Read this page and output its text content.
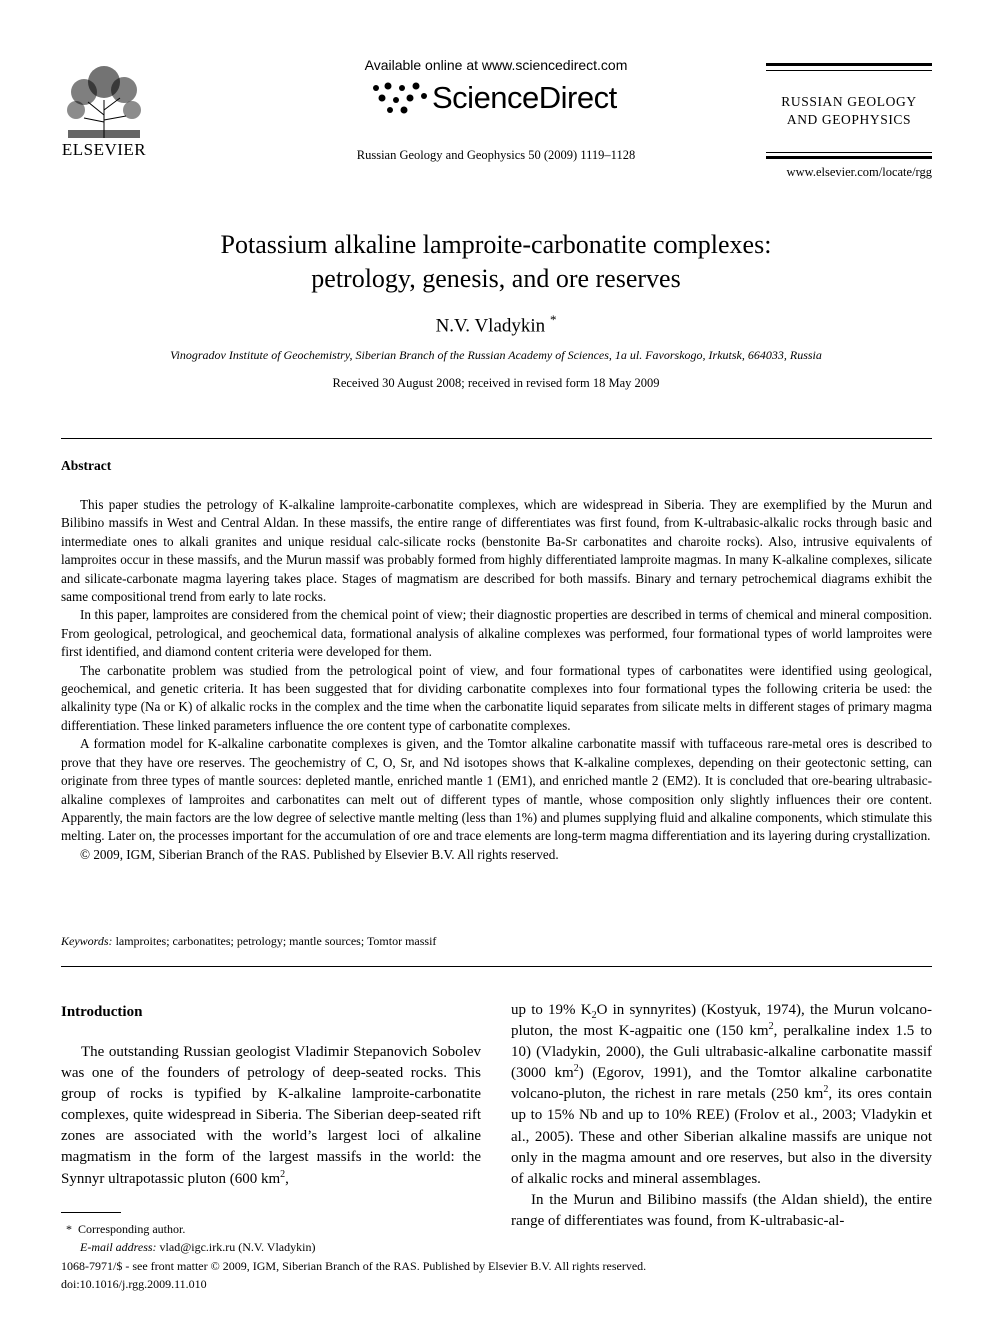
ELSEVIER
Available online at www.sciencedirect.com
ScienceDirect
Russian Geology and Geophysics 50 (2009) 1119–1128
RUSSIAN GEOLOGY
AND GEOPHYSICS
www.elsevier.com/locate/rgg
Potassium alkaline lamproite-carbonatite complexes:
petrology, genesis, and ore reserves
N.V. Vladykin *
Vinogradov Institute of Geochemistry, Siberian Branch of the Russian Academy of Sciences, 1a ul. Favorskogo, Irkutsk, 664033, Russia
Received 30 August 2008; received in revised form 18 May 2009
Abstract

This paper studies the petrology of K-alkaline lamproite-carbonatite complexes, which are widespread in Siberia. They are exemplified by the Murun and Bilibino massifs in West and Central Aldan. In these massifs, the entire range of differentiates was first found, from K-ultrabasic-alkalic rocks through basic and intermediate ones to alkali granites and unique residual calc-silicate rocks (benstonite Ba-Sr carbonatites and charoite rocks). Also, intrusive equivalents of lamproites occur in these massifs, and the Murun massif was probably formed from highly differentiated lamproite magmas. In many K-alkaline complexes, silicate and silicate-carbonate magma layering takes place. Stages of magmatism are described for both massifs. Binary and ternary petrochemical diagrams exhibit the same compositional trend from early to late rocks.

In this paper, lamproites are considered from the chemical point of view; their diagnostic properties are described in terms of chemical and mineral composition. From geological, petrological, and geochemical data, formational analysis of alkaline complexes was performed, four formational types of world lamproites were first identified, and diamond content criteria were developed for them.

The carbonatite problem was studied from the petrological point of view, and four formational types of carbonatites were identified using geological, geochemical, and genetic criteria. It has been suggested that for dividing carbonatite complexes into four formational types the following criteria be used: the alkalinity type (Na or K) of alkalic rocks in the complex and the time when the carbonatite liquid separates from silicate melts in different stages of primary magma differentiation. These linked parameters influence the ore content type of carbonatite complexes.

A formation model for K-alkaline carbonatite complexes is given, and the Tomtor alkaline carbonatite massif with tuffaceous rare-metal ores is described to prove that they have ore reserves. The geochemistry of C, O, Sr, and Nd isotopes shows that K-alkaline complexes, depending on their geotectonic setting, can originate from three types of mantle sources: depleted mantle, enriched mantle 1 (EM1), and enriched mantle 2 (EM2). It is concluded that ore-bearing ultrabasic-alkaline complexes of lamproites and carbonatites can melt out of different types of mantle, whose composition only slightly influences their ore content. Apparently, the main factors are the low degree of selective mantle melting (less than 1%) and plumes supplying fluid and alkaline components, which stimulate this melting. Later on, the processes important for the accumulation of ore and trace elements are long-term magma differentiation and its layering during crystallization.

© 2009, IGM, Siberian Branch of the RAS. Published by Elsevier B.V. All rights reserved.

Keywords: lamproites; carbonatites; petrology; mantle sources; Tomtor massif
Introduction

The outstanding Russian geologist Vladimir Stepanovich Sobolev was one of the founders of petrology of deep-seated rocks. This group of rocks is typified by K-alkaline lamproite-carbonatite complexes, quite widespread in Siberia. The Siberian deep-seated rift zones are associated with the world’s largest loci of alkaline magmatism in the form of the largest massifs in the world: the Synnyr ultrapotassic pluton (600 $km^2$,

up to 19% $K_2O$ in synnyrites) (Kostyuk, 1974), the Murun volcano-pluton, the most K-agpaitic one (150 $km^2$, peralkaline index 1.5 to 10) (Vladykin, 2000), the Guli ultrabasic-alkaline carbonatite massif (3000 $km^2$) (Egorov, 1991), and the Tomtor alkaline carbonatite volcano-pluton, the richest in rare metals (250 $km^2$, its ores contain up to 15% Nb and up to 10% REE) (Frolov et al., 2003; Vladykin et al., 2005). These and other Siberian alkaline massifs are unique not only in the magma amount and ore reserves, but also in the diversity of alkalic rocks and mineral assemblages.

In the Murun and Bilibino massifs (the Aldan shield), the entire range of differentiates was found, from K-ultrabasic-al-

* Corresponding author.
E-mail address: vlad@igc.irk.ru (N.V. Vladykin)
1068-7971/$ - see front matter © 2009, IGM, Siberian Branch of the RAS. Published by Elsevier B.V. All rights reserved.
doi:10.1016/j.rgg.2009.11.010
